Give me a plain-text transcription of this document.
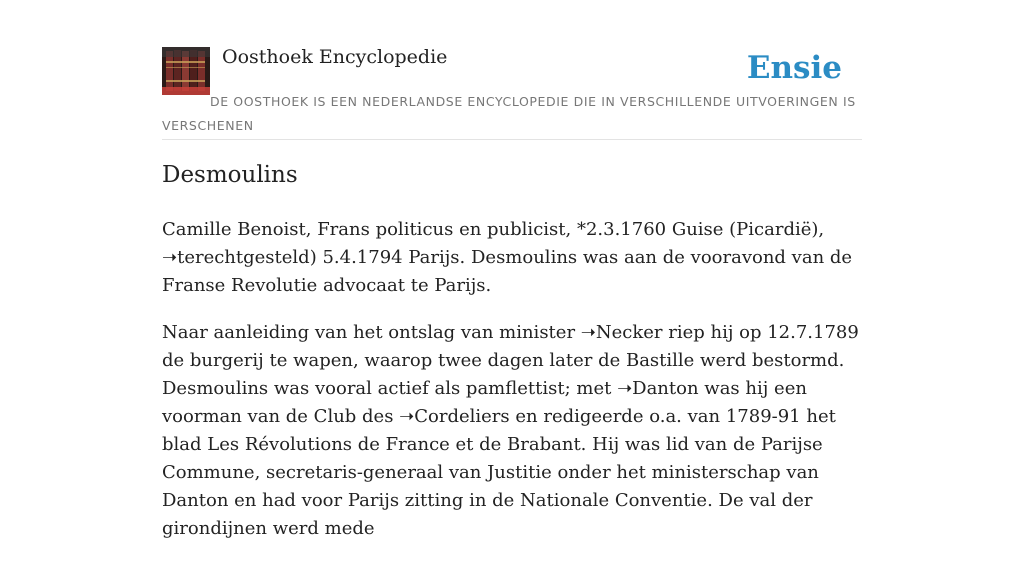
Oosthoek Encyclopedie	Ensie
DE OOSTHOEK IS EEN NEDERLANDSE ENCYCLOPEDIE DIE IN VERSCHILLENDE UITVOERINGEN IS VERSCHENEN
Desmoulins

Camille Benoist, Frans politicus en publicist, *2.3.1760 Guise (Picardië), ➝terechtgesteld) 5.4.1794 Parijs. Desmoulins was aan de vooravond van de Franse Revolutie advocaat te Parijs.

Naar aanleiding van het ontslag van minister ➝Necker riep hij op 12.7.1789 de burgerij te wapen, waarop twee dagen later de Bastille werd bestormd. Desmoulins was vooral actief als pamflettist; met ➝Danton was hij een voorman van de Club des ➝Cordeliers en redigeerde o.a. van 1789-91 het blad Les Révolutions de France et de Brabant. Hij was lid van de Parijse Commune, secretaris-generaal van Justitie onder het ministerschap van Danton en had voor Parijs zitting in de Nationale Conventie. De val der girondijnen werd mede
